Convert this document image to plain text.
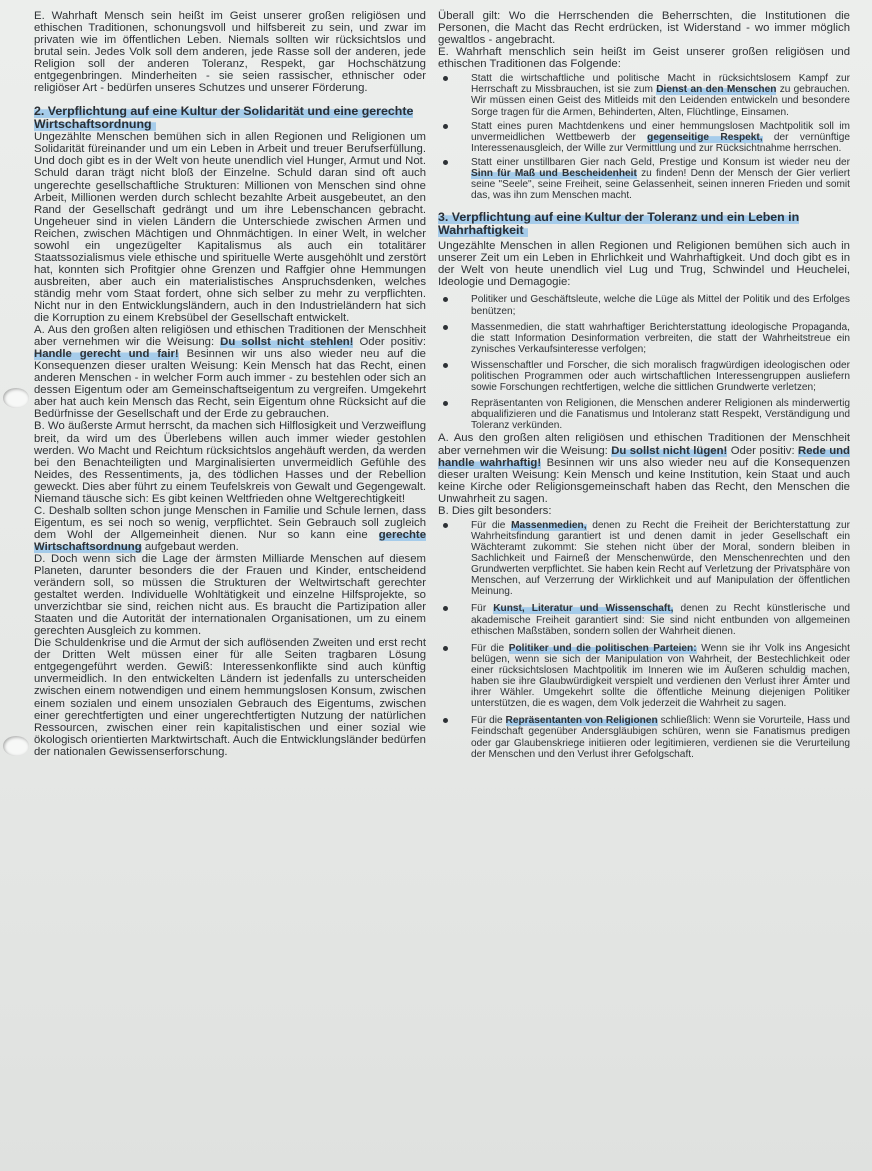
E. Wahrhaft Mensch sein heißt im Geist unserer großen religiösen und ethischen Traditionen, schonungsvoll und hilfsbereit zu sein, und zwar im privaten wie im öffentlichen Leben. Niemals sollten wir rücksichtslos und brutal sein. Jedes Volk soll dem anderen, jede Rasse soll der anderen, jede Religion soll der anderen Toleranz, Respekt, gar Hochschätzung entgegenbringen. Minderheiten - sie seien rassischer, ethnischer oder religiöser Art - bedürfen unseres Schutzes und unserer Förderung.

2. Verpflichtung auf eine Kultur der Solidarität und eine gerechte Wirtschaftsordnung

Ungezählte Menschen bemühen sich in allen Regionen und Religionen um Solidarität füreinander und um ein Leben in Arbeit und treuer Berufserfüllung. Und doch gibt es in der Welt von heute unendlich viel Hunger, Armut und Not. Schuld daran trägt nicht bloß der Einzelne. Schuld daran sind oft auch ungerechte gesellschaftliche Strukturen: Millionen von Menschen sind ohne Arbeit, Millionen werden durch schlecht bezahlte Arbeit ausgebeutet, an den Rand der Gesellschaft gedrängt und um ihre Lebenschancen gebracht. Ungeheuer sind in vielen Ländern die Unterschiede zwischen Armen und Reichen, zwischen Mächtigen und Ohnmächtigen. In einer Welt, in welcher sowohl ein ungezügelter Kapitalismus als auch ein totalitärer Staatssozialismus viele ethische und spirituelle Werte ausgehöhlt und zerstört hat, konnten sich Profitgier ohne Grenzen und Raffgier ohne Hemmungen ausbreiten, aber auch ein materialistisches Anspruchsdenken, welches ständig mehr vom Staat fordert, ohne sich selber zu mehr zu verpflichten. Nicht nur in den Entwicklungsländern, auch in den Industrieländern hat sich die Korruption zu einem Krebsübel der Gesellschaft entwickelt.

A. Aus den großen alten religiösen und ethischen Traditionen der Menschheit aber vernehmen wir die Weisung: Du sollst nicht stehlen! Oder positiv: Handle gerecht und fair! Besinnen wir uns also wieder neu auf die Konsequenzen dieser uralten Weisung: Kein Mensch hat das Recht, einen anderen Menschen - in welcher Form auch immer - zu bestehlen oder sich an dessen Eigentum oder am Gemeinschaftseigentum zu vergreifen. Umgekehrt aber hat auch kein Mensch das Recht, sein Eigentum ohne Rücksicht auf die Bedürfnisse der Gesellschaft und der Erde zu gebrauchen.

B. Wo äußerste Armut herrscht, da machen sich Hilflosigkeit und Verzweiflung breit, da wird um des Überlebens willen auch immer wieder gestohlen werden. Wo Macht und Reichtum rücksichtslos angehäuft werden, da werden bei den Benachteiligten und Marginalisierten unvermeidlich Gefühle des Neides, des Ressentiments, ja, des tödlichen Hasses und der Rebellion geweckt. Dies aber führt zu einem Teufelskreis von Gewalt und Gegengewalt. Niemand täusche sich: Es gibt keinen Weltfrieden ohne Weltgerechtigkeit!

C. Deshalb sollten schon junge Menschen in Familie und Schule lernen, dass Eigentum, es sei noch so wenig, verpflichtet. Sein Gebrauch soll zugleich dem Wohl der Allgemeinheit dienen. Nur so kann eine gerechte Wirtschaftsordnung aufgebaut werden.

D. Doch wenn sich die Lage der ärmsten Milliarde Menschen auf diesem Planeten, darunter besonders die der Frauen und Kinder, entscheidend verändern soll, so müssen die Strukturen der Weltwirtschaft gerechter gestaltet werden. Individuelle Wohltätigkeit und einzelne Hilfsprojekte, so unverzichtbar sie sind, reichen nicht aus. Es braucht die Partizipation aller Staaten und die Autorität der internationalen Organisationen, um zu einem gerechten Ausgleich zu kommen.

Die Schuldenkrise und die Armut der sich auflösenden Zweiten und erst recht der Dritten Welt müssen einer für alle Seiten tragbaren Lösung entgegengeführt werden. Gewiß: Interessenkonflikte sind auch künftig unvermeidlich. In den entwickelten Ländern ist jedenfalls zu unterscheiden zwischen einem notwendigen und einem hemmungslosen Konsum, zwischen einem sozialen und einem unsozialen Gebrauch des Eigentums, zwischen einer gerechtfertigten und einer ungerechtfertigten Nutzung der natürlichen Ressourcen, zwischen einer rein kapitalistischen und einer sozial wie ökologisch orientierten Marktwirtschaft. Auch die Entwicklungsländer bedürfen der nationalen Gewissenserforschung.

Überall gilt: Wo die Herrschenden die Beherrschten, die Institutionen die Personen, die Macht das Recht erdrücken, ist Widerstand - wo immer möglich gewaltlos - angebracht.

E. Wahrhaft menschlich sein heißt im Geist unserer großen religiösen und ethischen Traditionen das Folgende:

Statt die wirtschaftliche und politische Macht in rücksichtslosem Kampf zur Herrschaft zu Missbrauchen, ist sie zum Dienst an den Menschen zu gebrauchen. Wir müssen einen Geist des Mitleids mit den Leidenden entwickeln und besondere Sorge tragen für die Armen, Behinderten, Alten, Flüchtlinge, Einsamen.
Statt eines puren Machtdenkens und einer hemmungslosen Machtpolitik soll im unvermeidlichen Wettbewerb der gegenseitige Respekt, der vernünftige Interessenausgleich, der Wille zur Vermittlung und zur Rücksichtnahme herrschen.
Statt einer unstillbaren Gier nach Geld, Prestige und Konsum ist wieder neu der Sinn für Maß und Bescheidenheit zu finden! Denn der Mensch der Gier verliert seine "Seele", seine Freiheit, seine Gelassenheit, seinen inneren Frieden und somit das, was ihn zum Menschen macht.

3. Verpflichtung auf eine Kultur der Toleranz und ein Leben in Wahrhaftigkeit

Ungezählte Menschen in allen Regionen und Religionen bemühen sich auch in unserer Zeit um ein Leben in Ehrlichkeit und Wahrhaftigkeit. Und doch gibt es in der Welt von heute unendlich viel Lug und Trug, Schwindel und Heuchelei, Ideologie und Demagogie:

Politiker und Geschäftsleute, welche die Lüge als Mittel der Politik und des Erfolges benützen;
Massenmedien, die statt wahrhaftiger Berichterstattung ideologische Propaganda, die statt Information Desinformation verbreiten, die statt der Wahrheitstreue ein zynisches Verkaufsinteresse verfolgen;
Wissenschaftler und Forscher, die sich moralisch fragwürdigen ideologischen oder politischen Programmen oder auch wirtschaftlichen Interessengruppen ausliefern sowie Forschungen rechtfertigen, welche die sittlichen Grundwerte verletzen;
Repräsentanten von Religionen, die Menschen anderer Religionen als minderwertig abqualifizieren und die Fanatismus und Intoleranz statt Respekt, Verständigung und Toleranz verkünden.

A. Aus den großen alten religiösen und ethischen Traditionen der Menschheit aber vernehmen wir die Weisung: Du sollst nicht lügen! Oder positiv: Rede und handle wahrhaftig! Besinnen wir uns also wieder neu auf die Konsequenzen dieser uralten Weisung: Kein Mensch und keine Institution, kein Staat und auch keine Kirche oder Religionsgemeinschaft haben das Recht, den Menschen die Unwahrheit zu sagen.

B. Dies gilt besonders:

Für die Massenmedien, denen zu Recht die Freiheit der Berichterstattung zur Wahrheitsfindung garantiert ist und denen damit in jeder Gesellschaft ein Wächteramt zukommt: Sie stehen nicht über der Moral, sondern bleiben in Sachlichkeit und Fairneß der Menschenwürde, den Menschenrechten und den Grundwerten verpflichtet. Sie haben kein Recht auf Verletzung der Privatsphäre von Menschen, auf Verzerrung der Wirklichkeit und auf Manipulation der öffentlichen Meinung.
Für Kunst, Literatur und Wissenschaft, denen zu Recht künstlerische und akademische Freiheit garantiert sind: Sie sind nicht entbunden von allgemeinen ethischen Maßstäben, sondern sollen der Wahrheit dienen.
Für die Politiker und die politischen Parteien: Wenn sie ihr Volk ins Angesicht belügen, wenn sie sich der Manipulation von Wahrheit, der Bestechlichkeit oder einer rücksichtslosen Machtpolitik im Inneren wie im Äußeren schuldig machen, haben sie ihre Glaubwürdigkeit verspielt und verdienen den Verlust ihrer Ämter und ihrer Wähler. Umgekehrt sollte die öffentliche Meinung diejenigen Politiker unterstützen, die es wagen, dem Volk jederzeit die Wahrheit zu sagen.
Für die Repräsentanten von Religionen schließlich: Wenn sie Vorurteile, Hass und Feindschaft gegenüber Andersgläubigen schüren, wenn sie Fanatismus predigen oder gar Glaubenskriege initiieren oder legitimieren, verdienen sie die Verurteilung der Menschen und den Verlust ihrer Gefolgschaft.
